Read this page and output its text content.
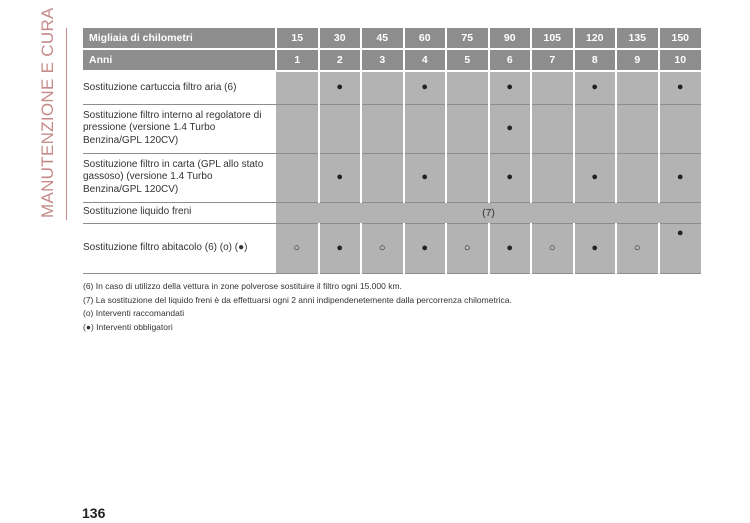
MANUTENZIONE E CURA	Migliaia di chilometri	15	30	45	60	75	90	105	120	135	150
Anni	1	2	3	4	5	6	7	8	9	10
Sostituzione cartuccia filtro aria (6)		●		●		●		●		●
Sostituzione filtro interno al regolatore di pressione (versione 1.4 Turbo Benzina/GPL 120CV)						●				
Sostituzione filtro in carta (GPL allo stato gassoso) (versione 1.4 Turbo Benzina/GPL 120CV)		●		●		●		●		●
Sostituzione liquido freni	(7)									
Sostituzione filtro abitacolo (6) (o) (●)	○	●	○	●	○	●	○	●	○	●
(6) In caso di utilizzo della vettura in zone polverose sostituire il filtro ogni 15.000 km.
(7) La sostituzione del liquido freni è da effettuarsi ogni 2 anni indipendenetemente dalla percorrenza chilometrica.
(o) Interventi raccomandati
(●) Interventi obbligatori
136
